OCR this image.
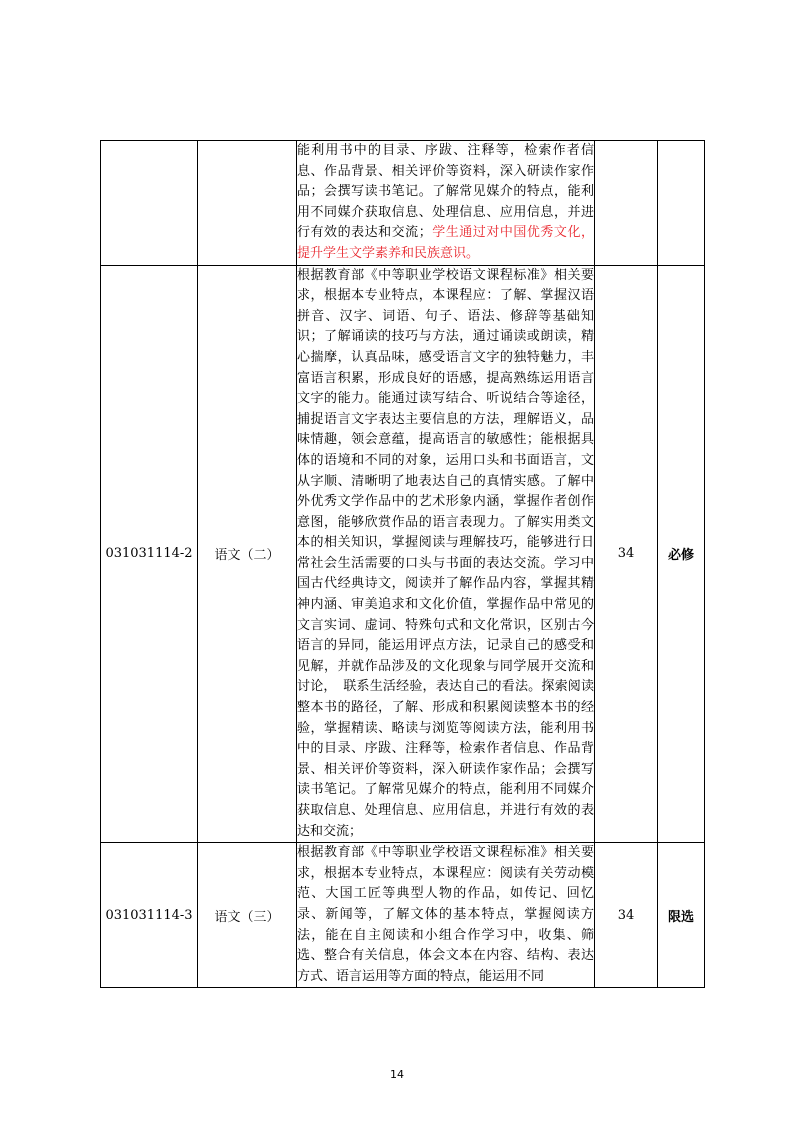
		能利用书中的目录、序跋、注释等，检索作者信息、作品背景、相关评价等资料，深入研读作家作品；会撰写读书笔记。了解常见媒介的特点，能利用不同媒介获取信息、处理信息、应用信息，并进行有效的表达和交流；学生通过对中国优秀文化，提升学生文学素养和民族意识。		

031031114-2	语文（二）	根据教育部《中等职业学校语文课程标准》相关要求，根据本专业特点，本课程应：了解、掌握汉语拼音、汉字、词语、句子、语法、修辞等基础知识；了解诵读的技巧与方法，通过诵读或朗读，精心揣摩，认真品味，感受语言文字的独特魅力，丰富语言积累，形成良好的语感，提高熟练运用语言文字的能力。能通过读写结合、听说结合等途径，捕捉语言文字表达主要信息的方法，理解语义，品味情趣，领会意蕴，提高语言的敏感性；能根据具体的语境和不同的对象，运用口头和书面语言，文从字顺、清晰明了地表达自己的真情实感。了解中外优秀文学作品中的艺术形象内涵，掌握作者创作意图，能够欣赏作品的语言表现力。了解实用类文本的相关知识，掌握阅读与理解技巧，能够进行日常社会生活需要的口头与书面的表达交流。学习中国古代经典诗文，阅读并了解作品内容，掌握其精神内涵、审美追求和文化价值，掌握作品中常见的文言实词、虚词、特殊句式和文化常识，区别古今语言的异同，能运用评点方法，记录自己的感受和见解，并就作品涉及的文化现象与同学展开交流和讨论，　联系生活经验，表达自己的看法。探索阅读整本书的路径，了解、形成和积累阅读整本书的经验，掌握精读、略读与浏览等阅读方法，能利用书中的目录、序跋、注释等，检索作者信息、作品背景、相关评价等资料，深入研读作家作品；会撰写读书笔记。了解常见媒介的特点，能利用不同媒介获取信息、处理信息、应用信息，并进行有效的表达和交流；	34	必修
031031114-3	语文（三）	根据教育部《中等职业学校语文课程标准》相关要求，根据本专业特点，本课程应：阅读有关劳动模范、大国工匠等典型人物的作品，如传记、回忆录、新闻等，了解文体的基本特点，掌握阅读方法，能在自主阅读和小组合作学习中，收集、筛选、整合有关信息，体会文本在内容、结构、表达方式、语言运用等方面的特点，能运用不同	34	限选
14
